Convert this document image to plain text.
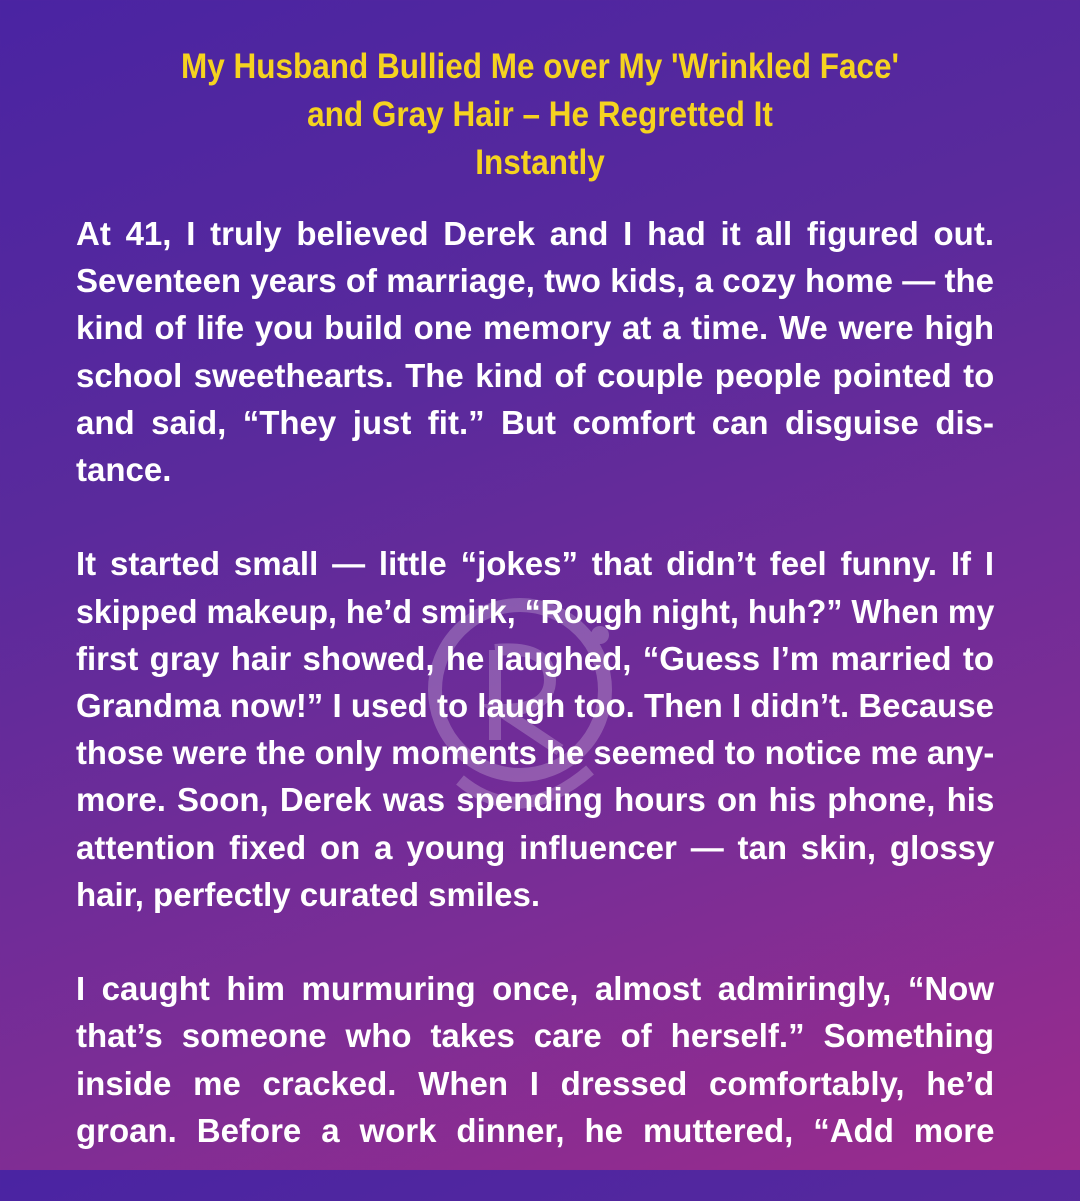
My Husband Bullied Me over My 'Wrinkled Face'
and Gray Hair – He Regretted It
Instantly
At 41, I truly believed Derek and I had it all figured out.
Seventeen years of marriage, two kids, a cozy home — the
kind of life you build one memory at a time. We were high
school sweethearts. The kind of couple people pointed to
and said, “They just fit.” But comfort can disguise dis-
tance.
It started small — little “jokes” that didn’t feel funny. If I
skipped makeup, he’d smirk, “Rough night, huh?” When my
first gray hair showed, he laughed, “Guess I’m married to
Grandma now!” I used to laugh too. Then I didn’t. Because
those were the only moments he seemed to notice me any-
more. Soon, Derek was spending hours on his phone, his
attention fixed on a young influencer — tan skin, glossy
hair, perfectly curated smiles.
I caught him murmuring once, almost admiringly, “Now
that’s someone who takes care of herself.” Something
inside me cracked. When I dressed comfortably, he’d
groan. Before a work dinner, he muttered, “Add more
